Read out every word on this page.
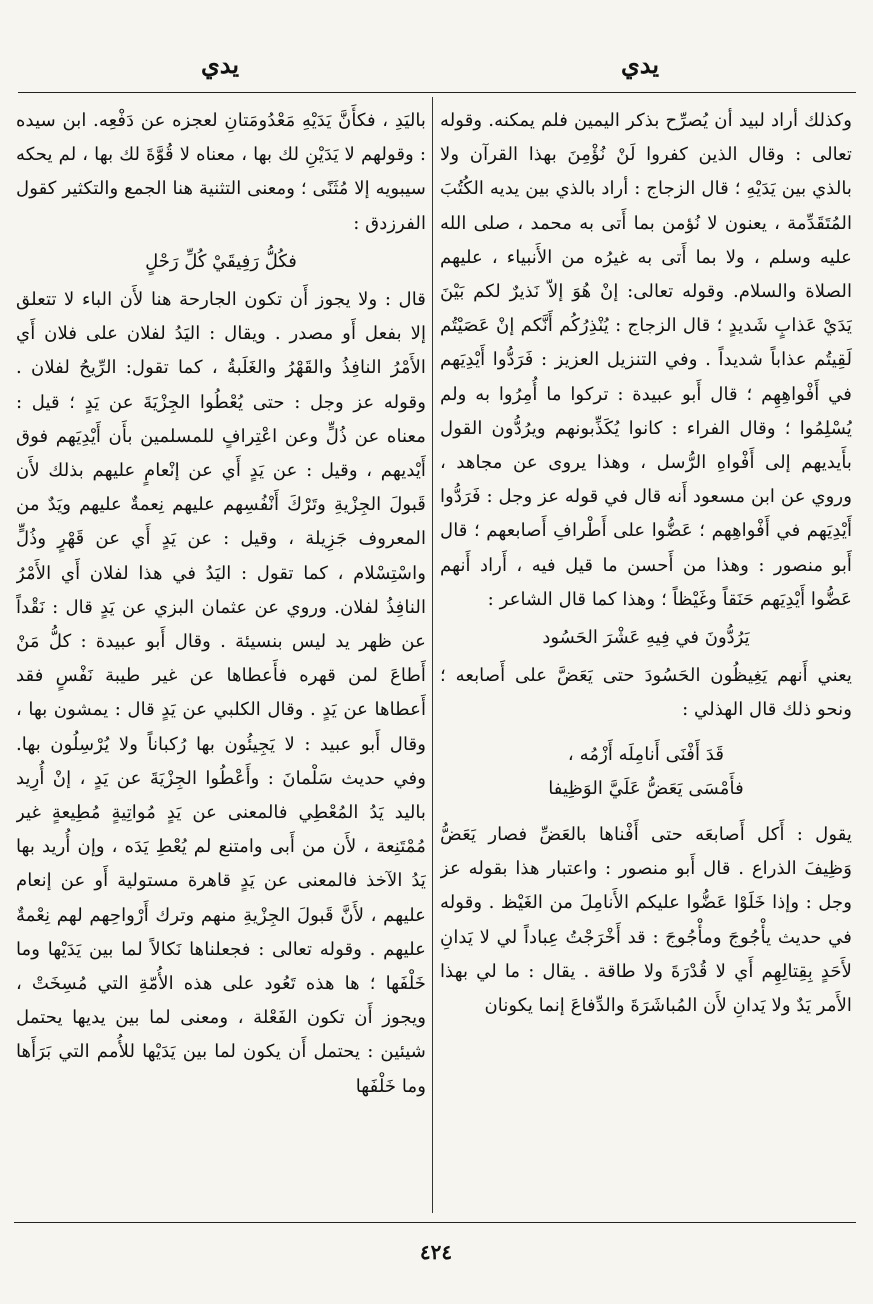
يدي
يدي

وكذلك أراد لبيد أن يُصرِّح بذكر اليمين فلم يمكنه. وقوله تعالى : وقال الذين كفروا لَنْ نُؤْمِنَ بهذا القرآن ولا بالذي بين يَدَيْهِ ؛ قال الزجاج : أراد بالذي بين يديه الكُتُبَ المُتَقَدِّمة ، يعنون لا نُؤمن بما أَتى به محمد ، صلى الله عليه وسلم ، ولا بما أَتى به غيرُه من الأَنبياء ، عليهم الصلاة والسلام. وقوله تعالى: إنْ هُوَ إلاّ نَذيرٌ لكم بَيْنَ يَدَيْ عَذابٍ شَديدٍ ؛ قال الزجاج : يُنْذِرُكُم أَنَّكم إنْ عَصَيْتُم لَقِيتُم عذاباً شديداً . وفي التنزيل العزيز : فَرَدُّوا أَيْدِيَهم في أَفْواهِهِم ؛ قال أَبو عبيدة : تركوا ما أُمِرُوا به ولم يُسْلِمُوا ؛ وقال الفراء : كانوا يُكَذِّبونهم ويرُدُّون القول بأَيديهم إلى أَفْواهِ الرُّسل ، وهذا يروى عن مجاهد ، وروي عن ابن مسعود أَنه قال في قوله عز وجل : فَرَدُّوا أَيْدِيَهم في أَفْواهِهم ؛ عَضُّوا على أَطْرافِ أَصابعهم ؛ قال أَبو منصور : وهذا من أَحسن ما قيل فيه ، أَراد أَنهم عَضُّوا أَيْدِيَهم حَنَقاً وغَيْظاً ؛ وهذا كما قال الشاعر :

يَرُدُّونَ في فِيهِ عَشْرَ الحَسُود

يعني أَنهم يَغِيظُون الحَسُودَ حتى يَعَضَّ على أَصابعه ؛ ونحو ذلك قال الهذلي :

قَدَ أَفْنَى أَنامِلَه أَزْمُه ،

فأَمْسَى يَعَضُّ عَلَيَّ الوَظِيفا

يقول : أَكل أَصابعَه حتى أَفْناها بالعَضِّ فصار يَعَضُّ وَظِيفَ الذراع . قال أَبو منصور : واعتبار هذا بقوله عز وجل : وإذا خَلَوْا عَضُّوا عليكم الأَنامِلَ من الغَيْظ . وقوله في حديث يأْجُوجَ ومأْجُوجَ : قد أَخْرَجْتُ عِباداً لي لا يَدانِ لأَحَدٍ بِقِتالِهِم أَي لا قُدْرَةَ ولا طاقة . يقال : ما لي بهذا الأَمر يَدٌ ولا يَدانِ لأَن المُباشَرَةَ والدِّفاعَ إنما يكونان

باليَدِ ، فكأَنَّ يَدَيْهِ مَعْدُومَتانِ لعجزه عن دَفْعِه. ابن سيده : وقولهم لا يَدَيْنِ لك بها ، معناه لا قُوَّةَ لك بها ، لم يحكه سيبويه إلا مُثَنًى ؛ ومعنى التثنية هنا الجمع والتكثير كقول الفرزدق :

فكُلُّ رَفِيقَيْ كُلِّ رَحْلٍ

قال : ولا يجوز أَن تكون الجارحة هنا لأَن الباء لا تتعلق إلا بفعل أَو مصدر . ويقال : اليَدُ لفلان على فلان أَي الأَمْرُ النافِذُ والقَهْرُ والغَلَبةُ ، كما تقول: الرِّيحُ لفلان . وقوله عز وجل : حتى يُعْطُوا الجِزْيَةَ عن يَدٍ ؛ قيل : معناه عن ذُلٍّ وعن اعْتِرافٍ للمسلمين بأَن أَيْدِيَهم فوق أَيْديهم ، وقيل : عن يَدٍ أَي عن إنْعامٍ عليهم بذلك لأَن قَبولَ الجِزْيةِ وتَرْكَ أَنْفُسِهم عليهم نِعمةٌ عليهم ويَدٌ من المعروف جَزِيلة ، وقيل : عن يَدٍ أَي عن قَهْرٍ وذُلٍّ واسْتِسْلام ، كما تقول : اليَدُ في هذا لفلان أَي الأَمْرُ النافِذُ لفلان. وروي عن عثمان البزي عن يَدٍ قال : نَقْداً عن ظهر يد ليس بنسيئة . وقال أَبو عبيدة : كلُّ مَنْ أَطاعَ لمن قهره فأَعطاها عن غير طيبة نَفْسٍ فقد أَعطاها عن يَدٍ . وقال الكلبي عن يَدٍ قال : يمشون بها ، وقال أَبو عبيد : لا يَجِيئُون بها رُكباناً ولا يُرْسِلُون بها. وفي حديث سَلْمانَ : وأَعْطُوا الجِزْيَةَ عن يَدٍ ، إنْ أُرِيد باليد يَدُ المُعْطِي فالمعنى عن يَدٍ مُواتِيةٍ مُطِيعةٍ غير مُمْتَنِعة ، لأَن من أَبى وامتنع لم يُعْطِ يَدَه ، وإن أُريد بها يَدُ الآخذ فالمعنى عن يَدٍ قاهرة مستولية أَو عن إنعام عليهم ، لأَنَّ قَبولَ الجِزْيةِ منهم وترك أَرْواحِهم لهم نِعْمةٌ عليهم . وقوله تعالى : فجعلناها نَكالاً لما بين يَدَيْها وما خَلْفَها ؛ ها هذه تَعُود على هذه الأُمّةِ التي مُسِخَتْ ، ويجوز أَن تكون الفَعْلة ، ومعنى لما بين يديها يحتمل شيئين : يحتمل أَن يكون لما بين يَدَيْها للأُمم التي بَرَأَها وما خَلْفَها

٤٢٤
